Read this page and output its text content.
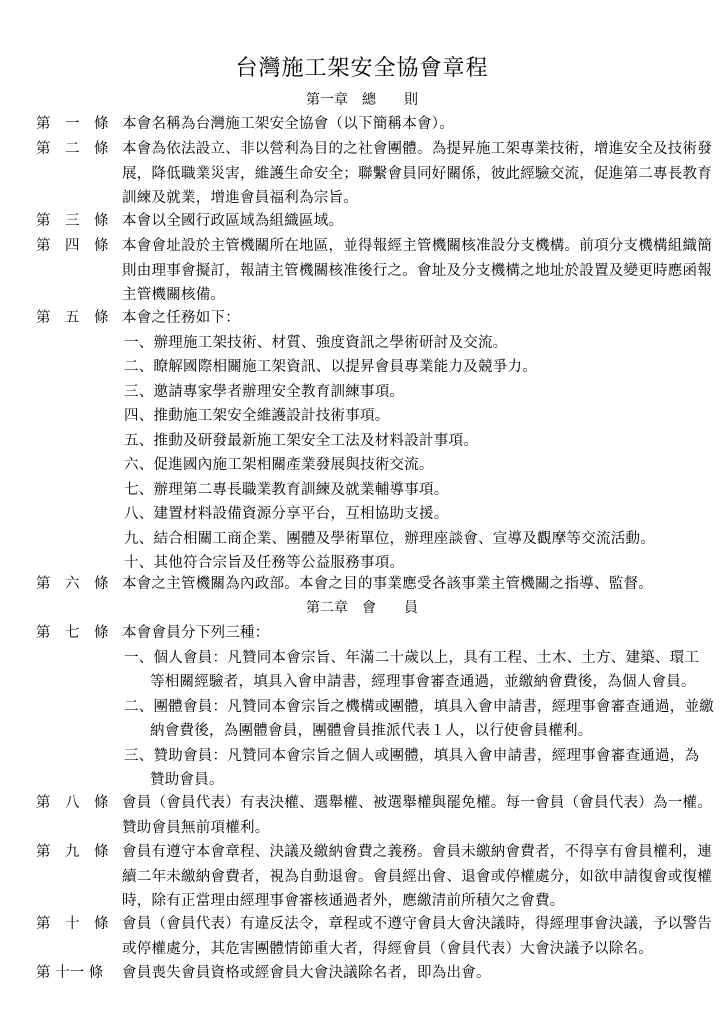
台灣施工架安全協會章程
第一章　總　　則
第　一　條 本會名稱為台灣施工架安全協會（以下簡稱本會）。
第　二　條 本會為依法設立、非以營利為目的之社會團體。為提昇施工架專業技術，增進安全及技術發
展，降低職業災害，維護生命安全；聯繫會員同好關係，彼此經驗交流，促進第二專長教育
訓練及就業，增進會員福利為宗旨。
第　三　條 本會以全國行政區域為組織區域。
第　四　條 本會會址設於主管機關所在地區，並得報經主管機關核准設分支機構。前項分支機構組織簡
則由理事會擬訂，報請主管機關核准後行之。會址及分支機構之地址於設置及變更時應函報
主管機關核備。
第　五　條 本會之任務如下：
一、辦理施工架技術、材質、強度資訊之學術研討及交流。
二、瞭解國際相關施工架資訊、以提昇會員專業能力及競爭力。
三、邀請專家學者辦理安全教育訓練事項。
四、推動施工架安全維護設計技術事項。
五、推動及研發最新施工架安全工法及材料設計事項。
六、促進國內施工架相關產業發展與技術交流。
七、辦理第二專長職業教育訓練及就業輔導事項。
八、建置材料設備資源分享平台，互相協助支援。
九、結合相關工商企業、團體及學術單位，辦理座談會、宣導及觀摩等交流活動。
十、其他符合宗旨及任務等公益服務事項。
第　六　條 本會之主管機關為內政部。本會之目的事業應受各該事業主管機關之指導、監督。
第二章　會　　員
第　七　條 本會會員分下列三種：
一、個人會員：凡贊同本會宗旨、年滿二十歲以上，具有工程、土木、土方、建築、環工
等相關經驗者，填具入會申請書，經理事會審查通過，並繳納會費後，為個人會員。
二、團體會員：凡贊同本會宗旨之機構或團體，填具入會申請書，經理事會審查通過，並繳
納會費後，為團體會員，團體會員推派代表１人，以行使會員權利。
三、贊助會員：凡贊同本會宗旨之個人或團體，填具入會申請書，經理事會審查通過，為
贊助會員。
第　八　條 會員（會員代表）有表決權、選舉權、被選舉權與罷免權。每一會員（會員代表）為一權。
贊助會員無前項權利。
第　九　條 會員有遵守本會章程、決議及繳納會費之義務。會員未繳納會費者，不得享有會員權利，連
續二年未繳納會費者，視為自動退會。會員經出會、退會或停權處分，如欲申請復會或復權
時，除有正當理由經理事會審核通過者外，應繳清前所積欠之會費。
第　十　條 會員（會員代表）有違反法令，章程或不遵守會員大會決議時，得經理事會決議，予以警告
或停權處分，其危害團體情節重大者，得經會員（會員代表）大會決議予以除名。
第 十一 條	會員喪失會員資格或經會員大會決議除名者，即為出會。
